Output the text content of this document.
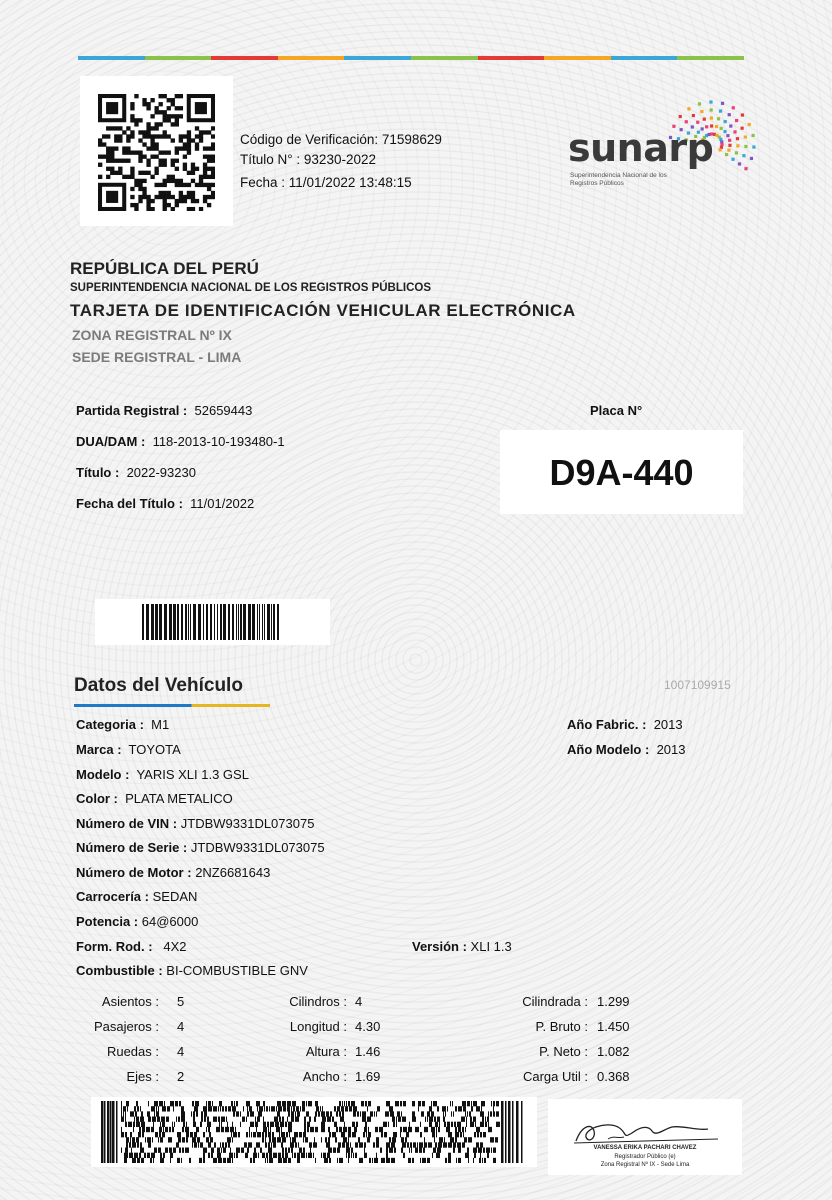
Código de Verificación: 71598629
Título N° : 93230-2022
Fecha : 11/01/2022 13:48:15
sunarp
Superintendencia Nacional de los Registros Públicos
REPÚBLICA DEL PERÚ
SUPERINTENDENCIA NACIONAL DE LOS REGISTROS PÚBLICOS
TARJETA DE IDENTIFICACIÓN VEHICULAR ELECTRÓNICA
ZONA REGISTRAL Nº IX
SEDE REGISTRAL - LIMA
Partida Registral : 52659443
DUA/DAM : 118-2013-10-193480-1
Título : 2022-93230
Fecha del Título : 11/01/2022
Placa N°
D9A-440
Datos del Vehículo	1007109915
Categoria : M1
Marca : TOYOTA
Modelo : YARIS XLI 1.3 GSL
Color : PLATA METALICO
Número de VIN : JTDBW9331DL073075
Número de Serie : JTDBW9331DL073075
Número de Motor : 2NZ6681643
Carrocería : SEDAN
Potencia : 64@6000
Form. Rod. : 4X2	Versión : XLI 1.3
Combustible : BI-COMBUSTIBLE GNV
Año Fabric. : 2013
Año Modelo : 2013
Asientos : 5
Pasajeros : 4
Ruedas : 4
Ejes : 2
Cilindros : 4
Longitud : 4.30
Altura : 1.46
Ancho : 1.69
Cilindrada : 1.299
P. Bruto : 1.450
P. Neto : 1.082
Carga Util : 0.368
VANESSA ERIKA PACHARI CHAVEZ
Registrador Público (e)
Zona Registral Nº IX - Sede Lima
